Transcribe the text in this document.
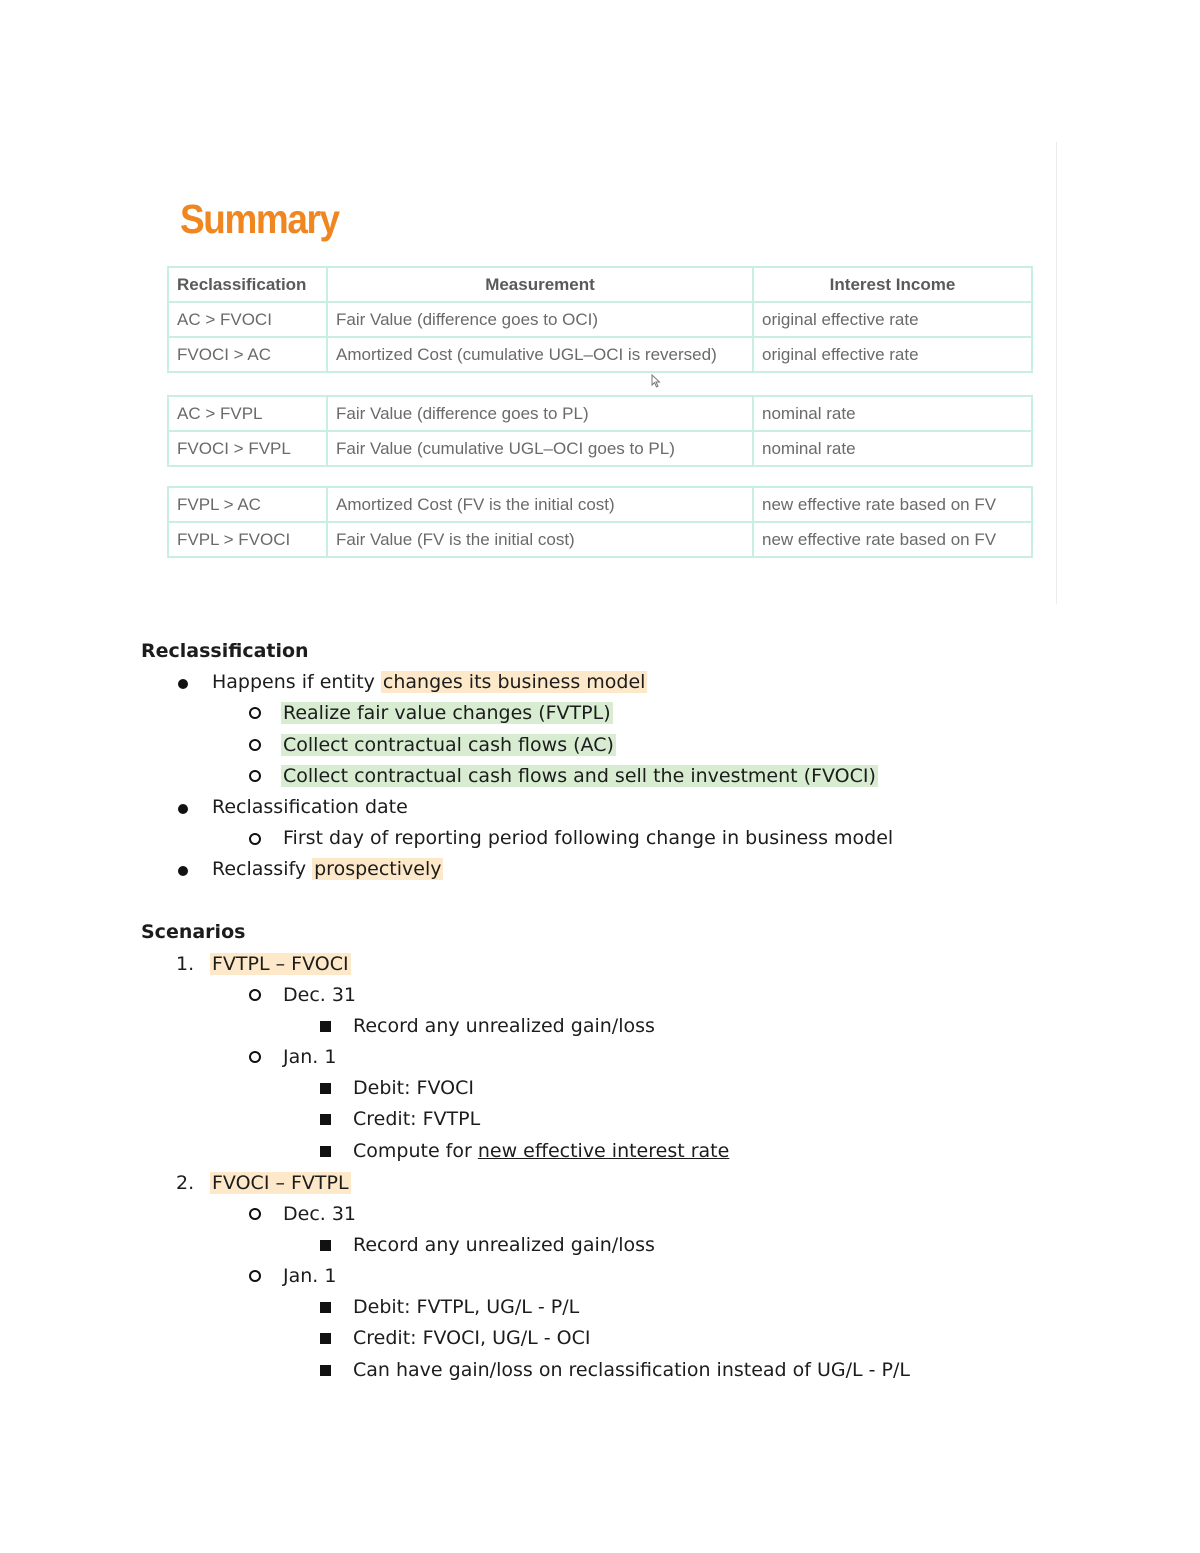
Summary
Reclassification	Measurement	Interest Income
AC > FVOCI	Fair Value (difference goes to OCI)	original effective rate
FVOCI > AC	Amortized Cost (cumulative UGL–OCI is reversed)	original effective rate
AC > FVPL	Fair Value (difference goes to PL)	nominal rate
FVOCI > FVPL	Fair Value (cumulative UGL–OCI goes to PL)	nominal rate
FVPL > AC	Amortized Cost (FV is the initial cost)	new effective rate based on FV
FVPL > FVOCI	Fair Value (FV is the initial cost)	new effective rate based on FV
Reclassification
Happens if entity changes its business model
Realize fair value changes (FVTPL)
Collect contractual cash flows (AC)
Collect contractual cash flows and sell the investment (FVOCI)
Reclassification date
First day of reporting period following change in business model
Reclassify prospectively
Scenarios
1. FVTPL – FVOCI
Dec. 31
Record any unrealized gain/loss
Jan. 1
Debit: FVOCI
Credit: FVTPL
Compute for new effective interest rate
2. FVOCI – FVTPL
Dec. 31
Record any unrealized gain/loss
Jan. 1
Debit: FVTPL, UG/L - P/L
Credit: FVOCI, UG/L - OCI
Can have gain/loss on reclassification instead of UG/L - P/L
